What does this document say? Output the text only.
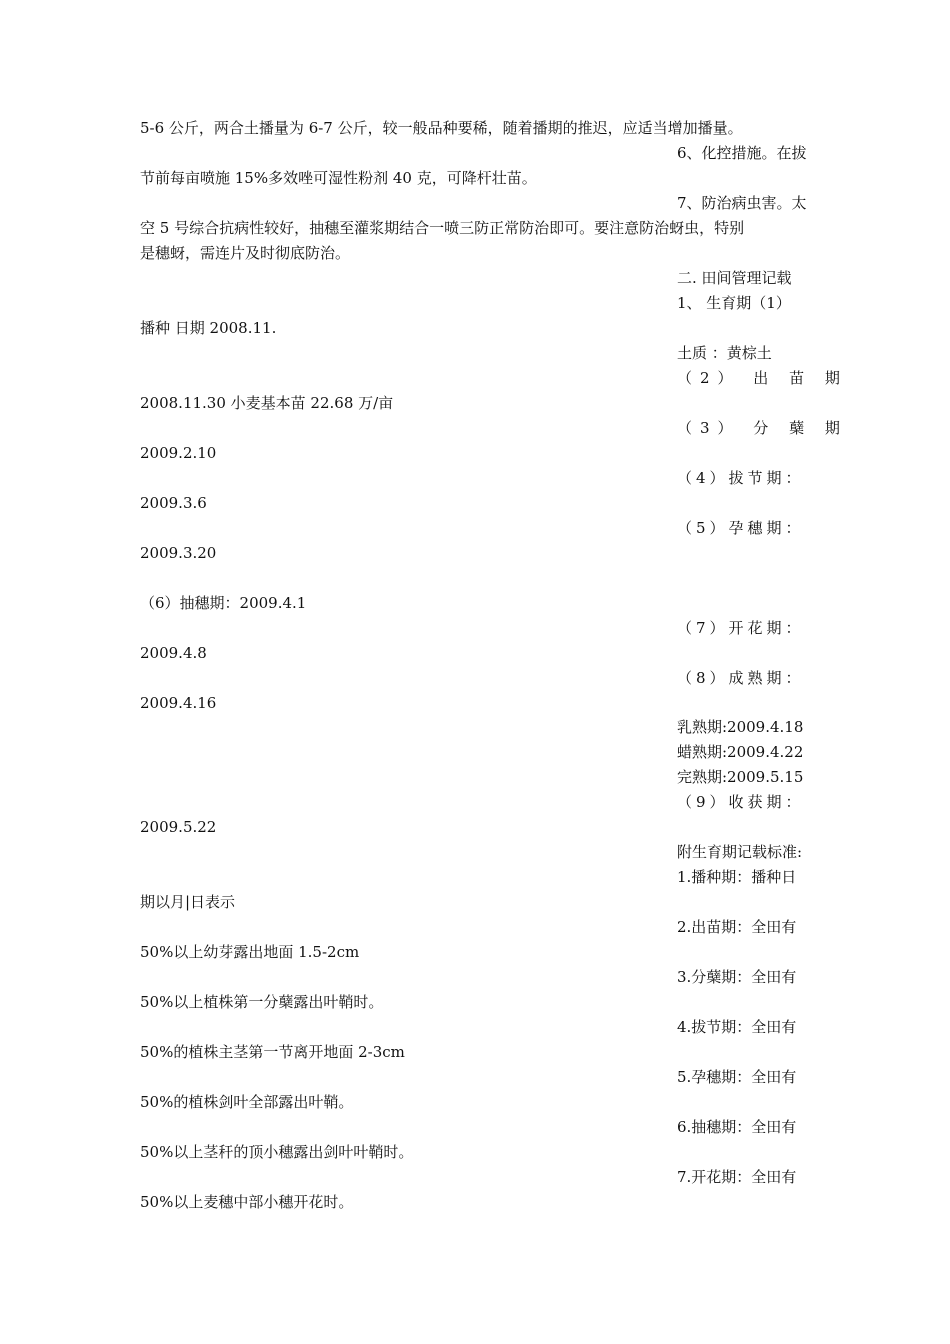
5-6 公斤，两合土播量为 6-7 公斤，较一般品种要稀，随着播期的推迟，应适当增加播量。
6、化控措施。在拔
节前每亩喷施 15%多效唑可湿性粉剂 40 克，可降杆壮苗。
7、防治病虫害。太
空 5 号综合抗病性较好，抽穗至灌浆期结合一喷三防正常防治即可。要注意防治蚜虫，特别
是穗蚜，需连片及时彻底防治。
二. 田间管理记载
1、 生育期（1）
播种 日期 2008.11.
土质 ：黄棕土
（2） 出 苗 期
2008.11.30 小麦基本苗 22.68 万/亩
（3） 分 蘖 期
2009.2.10
（4）拔节期：
2009.3.6
（5）孕穗期：
2009.3.20
（6）抽穗期：2009.4.1
（7）开花期：
2009.4.8
（8）成熟期：
2009.4.16
乳熟期:2009.4.18
蜡熟期:2009.4.22
完熟期:2009.5.15
（9）收获期：
2009.5.22
附生育期记载标准:
1.播种期：播种日
期以月|日表示
2.出苗期：全田有
50%以上幼芽露出地面 1.5-2cm
3.分蘖期：全田有
50%以上植株第一分蘖露出叶鞘时。
4.拔节期：全田有
50%的植株主茎第一节离开地面 2-3cm
5.孕穗期：全田有
50%的植株剑叶全部露出叶鞘。
6.抽穗期：全田有
50%以上茎秆的顶小穗露出剑叶叶鞘时。
7.开花期：全田有
50%以上麦穗中部小穗开花时。
